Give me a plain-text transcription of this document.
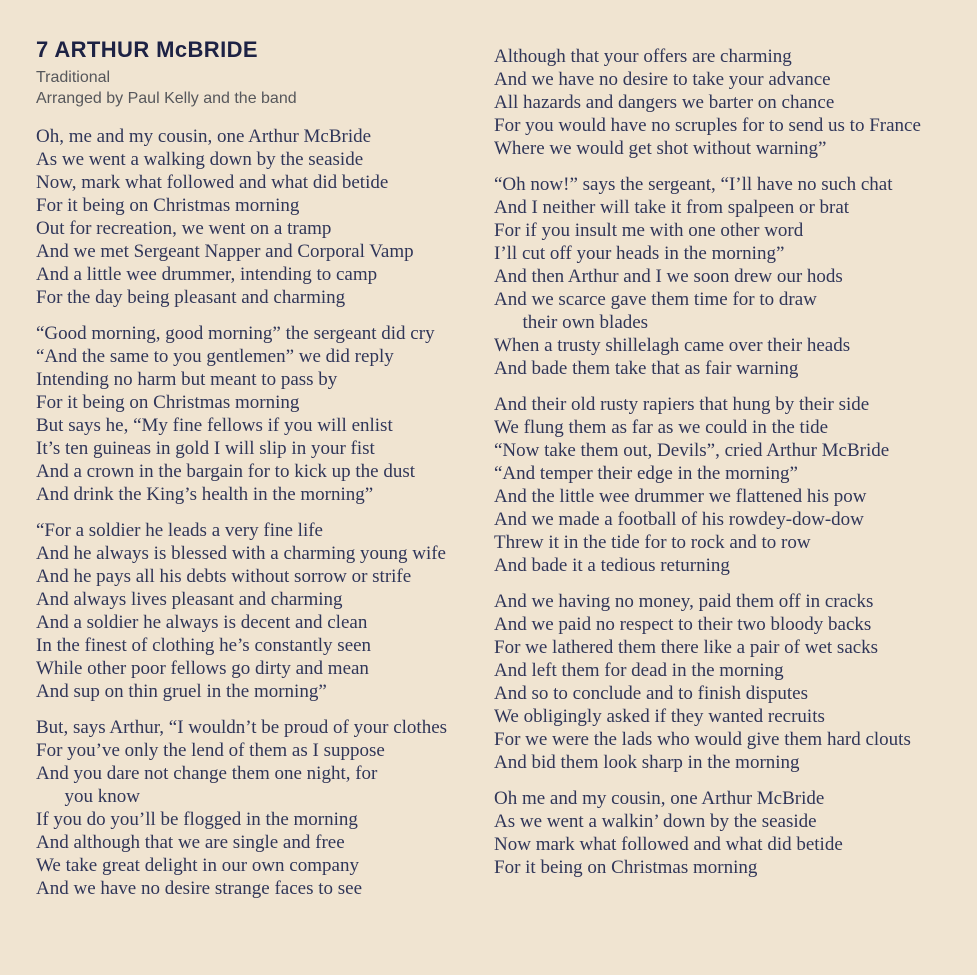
7 ARTHUR McBRIDE

Traditional

Arranged by Paul Kelly and the band

Oh, me and my cousin, one Arthur McBride
As we went a walking down by the seaside
Now, mark what followed and what did betide
For it being on Christmas morning
Out for recreation, we went on a tramp
And we met Sergeant Napper and Corporal Vamp
And a little wee drummer, intending to camp
For the day being pleasant and charming
“Good morning, good morning” the sergeant did cry
“And the same to you gentlemen” we did reply
Intending no harm but meant to pass by
For it being on Christmas morning
But says he, “My fine fellows if you will enlist
It’s ten guineas in gold I will slip in your fist
And a crown in the bargain for to kick up the dust
And drink the King’s health in the morning”
“For a soldier he leads a very fine life
And he always is blessed with a charming young wife
And he pays all his debts without sorrow or strife
And always lives pleasant and charming
And a soldier he always is decent and clean
In the finest of clothing he’s constantly seen
While other poor fellows go dirty and mean
And sup on thin gruel in the morning”
But, says Arthur, “I wouldn’t be proud of your clothes
For you’ve only the lend of them as I suppose
And you dare not change them one night, for
you know
If you do you’ll be flogged in the morning
And although that we are single and free
We take great delight in our own company
And we have no desire strange faces to see
Although that your offers are charming
And we have no desire to take your advance
All hazards and dangers we barter on chance
For you would have no scruples for to send us to France
Where we would get shot without warning”
“Oh now!” says the sergeant, “I’ll have no such chat
And I neither will take it from spalpeen or brat
For if you insult me with one other word
I’ll cut off your heads in the morning”
And then Arthur and I we soon drew our hods
And we scarce gave them time for to draw
their own blades
When a trusty shillelagh came over their heads
And bade them take that as fair warning
And their old rusty rapiers that hung by their side
We flung them as far as we could in the tide
“Now take them out, Devils”, cried Arthur McBride
“And temper their edge in the morning”
And the little wee drummer we flattened his pow
And we made a football of his rowdey-dow-dow
Threw it in the tide for to rock and to row
And bade it a tedious returning
And we having no money, paid them off in cracks
And we paid no respect to their two bloody backs
For we lathered them there like a pair of wet sacks
And left them for dead in the morning
And so to conclude and to finish disputes
We obligingly asked if they wanted recruits
For we were the lads who would give them hard clouts
And bid them look sharp in the morning
Oh me and my cousin, one Arthur McBride
As we went a walkin’ down by the seaside
Now mark what followed and what did betide
For it being on Christmas morning
